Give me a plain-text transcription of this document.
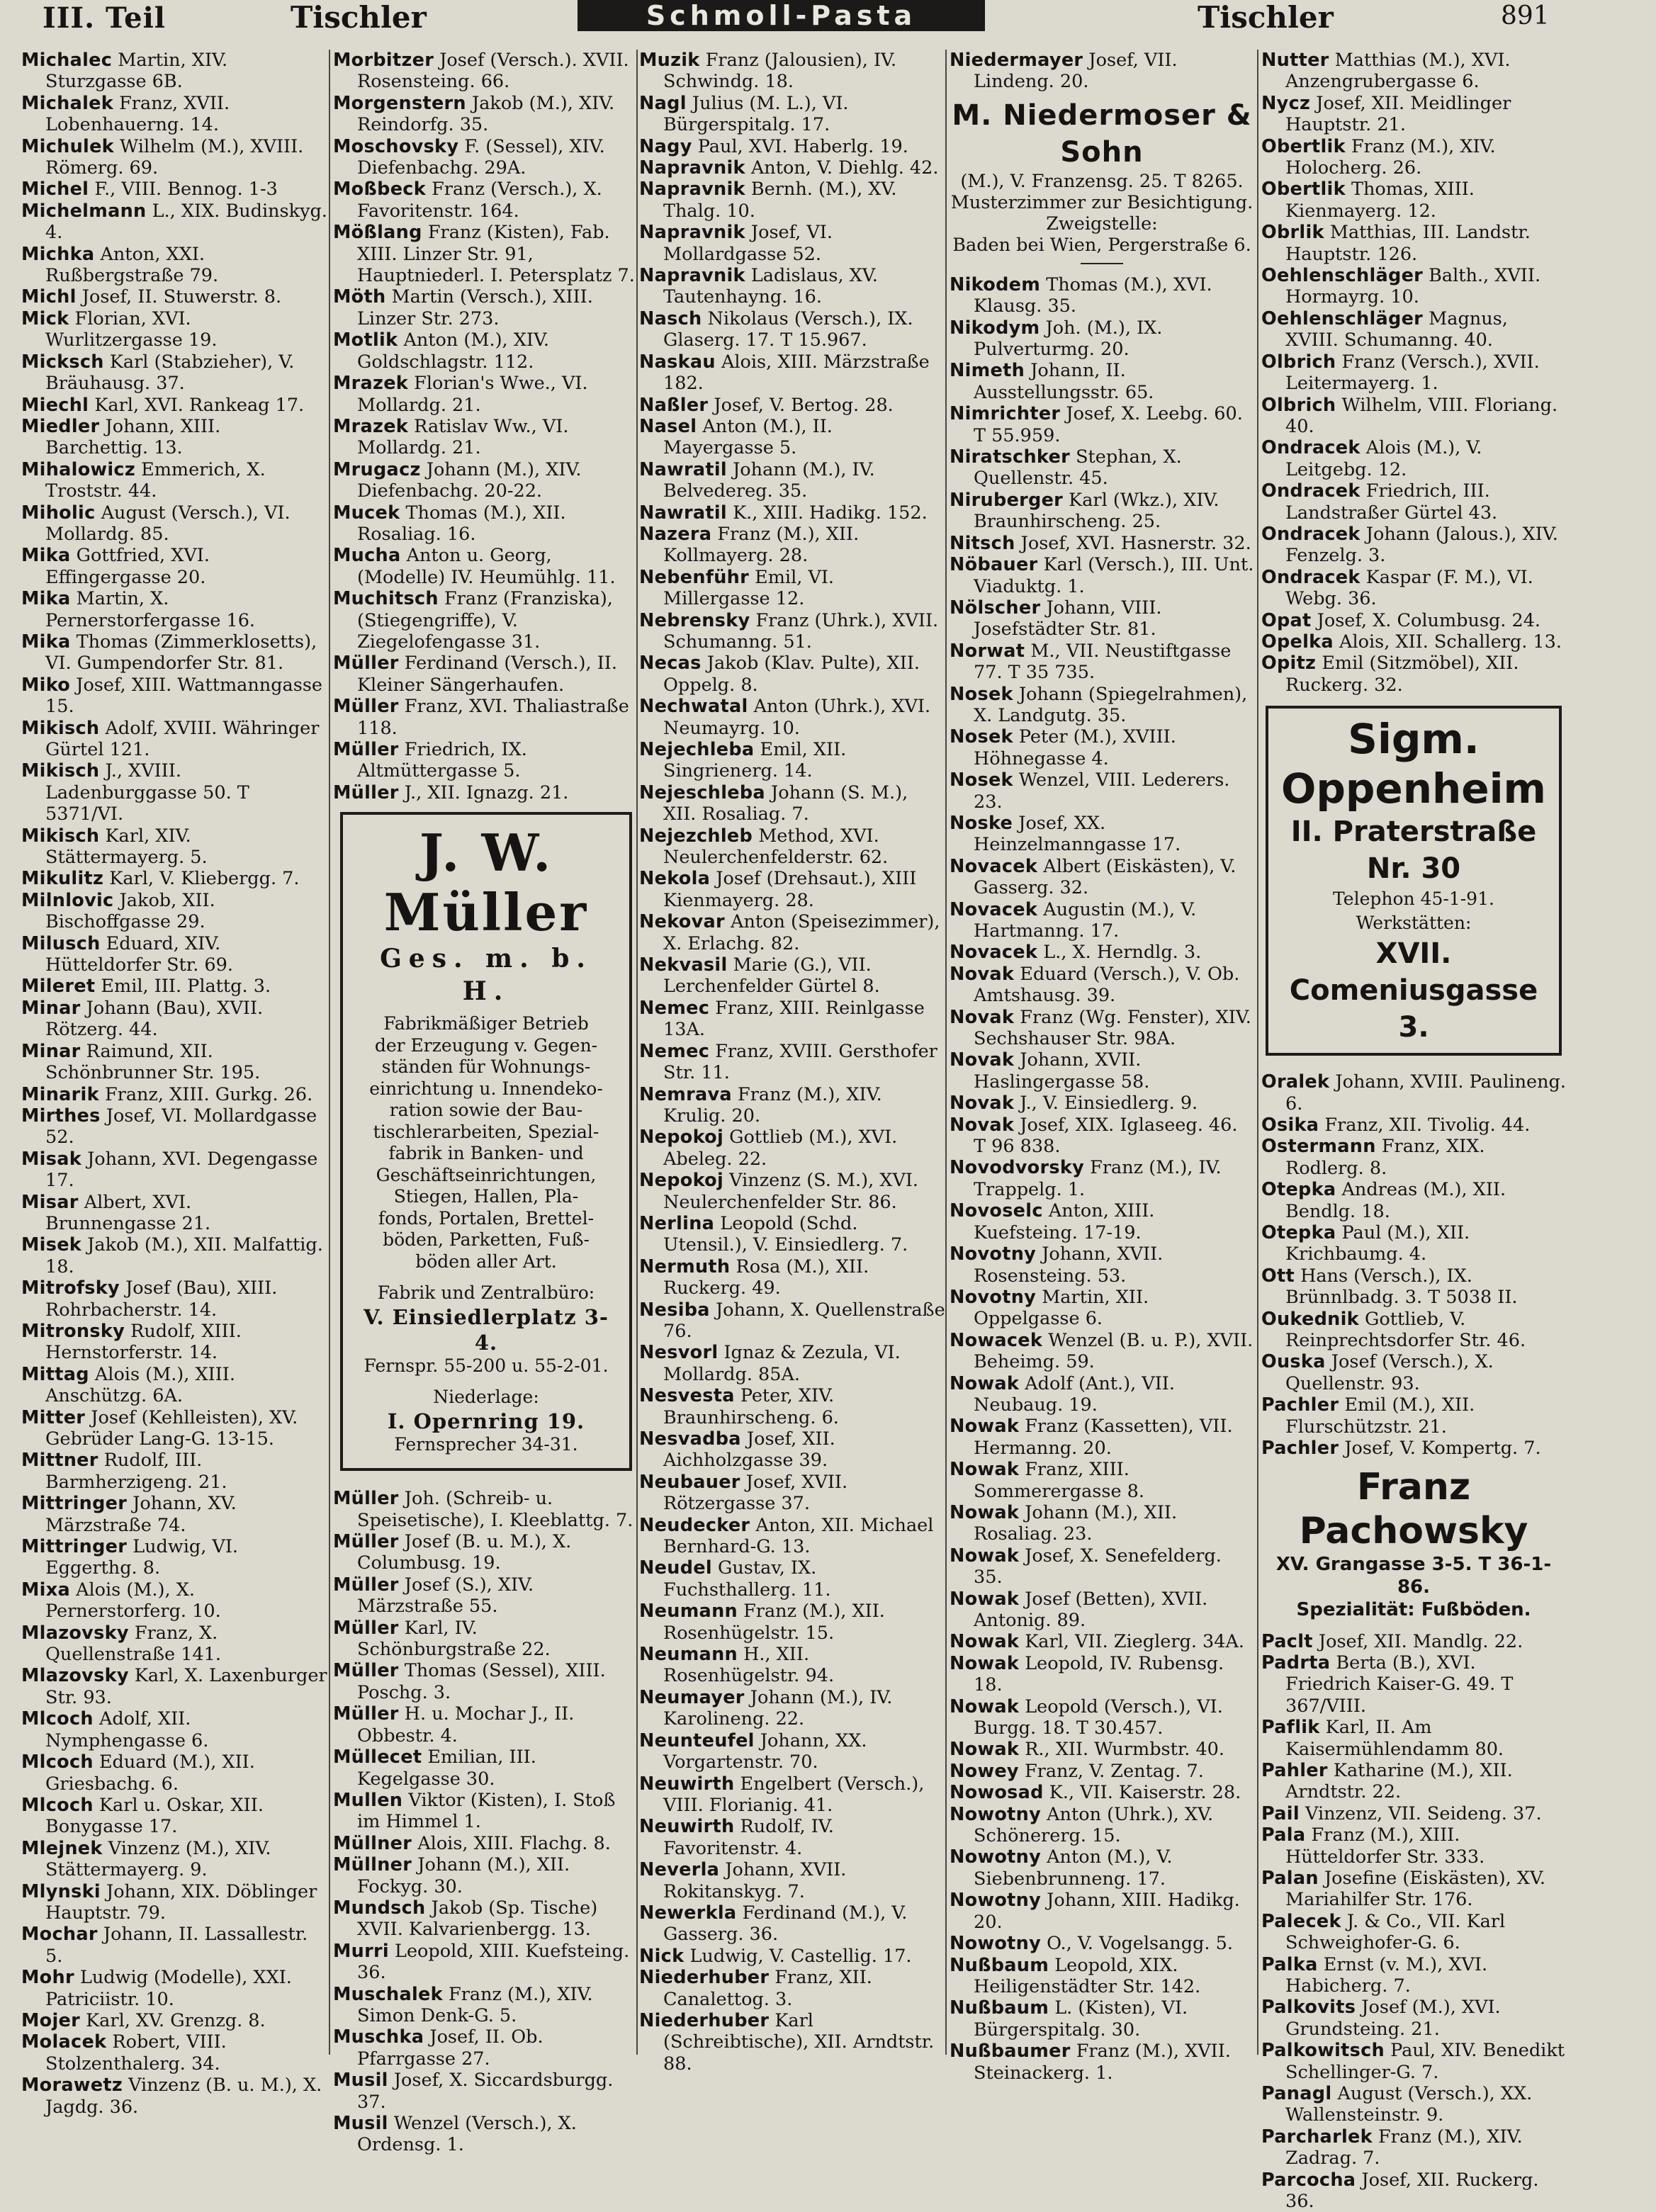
III. Teil	Tischler	Schmoll-Pasta	Tischler	891
Michalec Martin, XIV. Sturzgasse 6B.
Michalek Franz, XVII. Lobenhauerng. 14.
Michulek Wilhelm (M.), XVIII. Römerg. 69.
Michel F., VIII. Bennog. 1-3
Michelmann L., XIX. Budinskyg. 4.
Michka Anton, XXI. Rußbergstraße 79.
Michl Josef, II. Stuwerstr. 8.
Mick Florian, XVI. Wurlitzergasse 19.
Micksch Karl (Stabzieher), V. Bräuhausg. 37.
Miechl Karl, XVI. Rankeag 17.
Miedler Johann, XIII. Barchettig. 13.
Mihalowicz Emmerich, X. Troststr. 44.
Miholic August (Versch.), VI. Mollardg. 85.
Mika Gottfried, XVI. Effingergasse 20.
Mika Martin, X. Pernerstorfergasse 16.
Mika Thomas (Zimmerklosetts), VI. Gumpendorfer Str. 81.
Miko Josef, XIII. Wattmanngasse 15.
Mikisch Adolf, XVIII. Währinger Gürtel 121.
Mikisch J., XVIII. Ladenburggasse 50. T 5371/VI.
Mikisch Karl, XIV. Stättermayerg. 5.
Mikulitz Karl, V. Kliebergg. 7.
Milnlovic Jakob, XII. Bischoffgasse 29.
Milusch Eduard, XIV. Hütteldorfer Str. 69.
Mileret Emil, III. Plattg. 3.
Minar Johann (Bau), XVII. Rötzerg. 44.
Minar Raimund, XII. Schönbrunner Str. 195.
Minarik Franz, XIII. Gurkg. 26.
Mirthes Josef, VI. Mollardgasse 52.
Misak Johann, XVI. Degengasse 17.
Misar Albert, XVI. Brunnengasse 21.
Misek Jakob (M.), XII. Malfattig. 18.
Mitrofsky Josef (Bau), XIII. Rohrbacherstr. 14.
Mitronsky Rudolf, XIII. Hernstorferstr. 14.
Mittag Alois (M.), XIII. Anschützg. 6A.
Mitter Josef (Kehlleisten), XV. Gebrüder Lang-G. 13-15.
Mittner Rudolf, III. Barmherzigeng. 21.
Mittringer Johann, XV. Märzstraße 74.
Mittringer Ludwig, VI. Eggerthg. 8.
Mixa Alois (M.), X. Pernerstorferg. 10.
Mlazovsky Franz, X. Quellenstraße 141.
Mlazovsky Karl, X. Laxenburger Str. 93.
Mlcoch Adolf, XII. Nymphengasse 6.
Mlcoch Eduard (M.), XII. Griesbachg. 6.
Mlcoch Karl u. Oskar, XII. Bonygasse 17.
Mlejnek Vinzenz (M.), XIV. Stättermayerg. 9.
Mlynski Johann, XIX. Döblinger Hauptstr. 79.
Mochar Johann, II. Lassallestr. 5.
Mohr Ludwig (Modelle), XXI. Patriciistr. 10.
Mojer Karl, XV. Grenzg. 8.
Molacek Robert, VIII. Stolzenthalerg. 34.
Morawetz Vinzenz (B. u. M.), X. Jagdg. 36.
Morbitzer Josef (Versch.). XVII. Rosensteing. 66.
Morgenstern Jakob (M.), XIV. Reindorfg. 35.
Moschovsky F. (Sessel), XIV. Diefenbachg. 29A.
Moßbeck Franz (Versch.), X. Favoritenstr. 164.
Mößlang Franz (Kisten), Fab. XIII. Linzer Str. 91, Hauptniederl. I. Petersplatz 7.
Möth Martin (Versch.), XIII. Linzer Str. 273.
Motlik Anton (M.), XIV. Goldschlagstr. 112.
Mrazek Florian's Wwe., VI. Mollardg. 21.
Mrazek Ratislav Ww., VI. Mollardg. 21.
Mrugacz Johann (M.), XIV. Diefenbachg. 20-22.
Mucek Thomas (M.), XII. Rosaliag. 16.
Mucha Anton u. Georg, (Modelle) IV. Heumühlg. 11.
Muchitsch Franz (Franziska), (Stiegengriffe), V. Ziegelofengasse 31.
Müller Ferdinand (Versch.), II. Kleiner Sängerhaufen.
Müller Franz, XVI. Thaliastraße 118.
Müller Friedrich, IX. Altmüttergasse 5.
Müller J., XII. Ignazg. 21.
J. W. Müller
Ges. m. b. H.
Fabrikmäßiger Betrieb
der Erzeugung v. Gegen-
ständen für Wohnungs-
einrichtung u. Innendeko-
ration sowie der Bau-
tischlerarbeiten, Spezial-
fabrik in Banken- und
Geschäftseinrichtungen,
Stiegen, Hallen, Pla-
fonds, Portalen, Brettel-
böden, Parketten, Fuß-
böden aller Art.
Fabrik und Zentralbüro:
V. Einsiedlerplatz 3-4.
Fernspr. 55-200 u. 55-2-01.
Niederlage:
I. Opernring 19.
Fernsprecher 34-31.
Müller Joh. (Schreib- u. Speisetische), I. Kleeblattg. 7.
Müller Josef (B. u. M.), X. Columbusg. 19.
Müller Josef (S.), XIV. Märzstraße 55.
Müller Karl, IV. Schönburgstraße 22.
Müller Thomas (Sessel), XIII. Poschg. 3.
Müller H. u. Mochar J., II. Obbestr. 4.
Müllecet Emilian, III. Kegelgasse 30.
Mullen Viktor (Kisten), I. Stoß im Himmel 1.
Müllner Alois, XIII. Flachg. 8.
Müllner Johann (M.), XII. Fockyg. 30.
Mundsch Jakob (Sp. Tische) XVII. Kalvarienbergg. 13.
Murri Leopold, XIII. Kuefsteing. 36.
Muschalek Franz (M.), XIV. Simon Denk-G. 5.
Muschka Josef, II. Ob. Pfarrgasse 27.
Musil Josef, X. Siccardsburgg. 37.
Musil Wenzel (Versch.), X. Ordensg. 1.
Muzik Franz (Jalousien), IV. Schwindg. 18.
Nagl Julius (M. L.), VI. Bürgerspitalg. 17.
Nagy Paul, XVI. Haberlg. 19.
Napravnik Anton, V. Diehlg. 42.
Napravnik Bernh. (M.), XV. Thalg. 10.
Napravnik Josef, VI. Mollardgasse 52.
Napravnik Ladislaus, XV. Tautenhayng. 16.
Nasch Nikolaus (Versch.), IX. Glaserg. 17. T 15.967.
Naskau Alois, XIII. Märzstraße 182.
Naßler Josef, V. Bertog. 28.
Nasel Anton (M.), II. Mayergasse 5.
Nawratil Johann (M.), IV. Belvedereg. 35.
Nawratil K., XIII. Hadikg. 152.
Nazera Franz (M.), XII. Kollmayerg. 28.
Nebenführ Emil, VI. Millergasse 12.
Nebrensky Franz (Uhrk.), XVII. Schumanng. 51.
Necas Jakob (Klav. Pulte), XII. Oppelg. 8.
Nechwatal Anton (Uhrk.), XVI. Neumayrg. 10.
Nejechleba Emil, XII. Singrienerg. 14.
Nejeschleba Johann (S. M.), XII. Rosaliag. 7.
Nejezchleb Method, XVI. Neulerchenfelderstr. 62.
Nekola Josef (Drehsaut.), XIII Kienmayerg. 28.
Nekovar Anton (Speisezimmer), X. Erlachg. 82.
Nekvasil Marie (G.), VII. Lerchenfelder Gürtel 8.
Nemec Franz, XIII. Reinlgasse 13A.
Nemec Franz, XVIII. Gersthofer Str. 11.
Nemrava Franz (M.), XIV. Krulig. 20.
Nepokoj Gottlieb (M.), XVI. Abeleg. 22.
Nepokoj Vinzenz (S. M.), XVI. Neulerchenfelder Str. 86.
Nerlina Leopold (Schd. Utensil.), V. Einsiedlerg. 7.
Nermuth Rosa (M.), XII. Ruckerg. 49.
Nesiba Johann, X. Quellenstraße 76.
Nesvorl Ignaz & Zezula, VI. Mollardg. 85A.
Nesvesta Peter, XIV. Braunhirscheng. 6.
Nesvadba Josef, XII. Aichholzgasse 39.
Neubauer Josef, XVII. Rötzergasse 37.
Neudecker Anton, XII. Michael Bernhard-G. 13.
Neudel Gustav, IX. Fuchsthallerg. 11.
Neumann Franz (M.), XII. Rosenhügelstr. 15.
Neumann H., XII. Rosenhügelstr. 94.
Neumayer Johann (M.), IV. Karolineng. 22.
Neunteufel Johann, XX. Vorgartenstr. 70.
Neuwirth Engelbert (Versch.), VIII. Florianig. 41.
Neuwirth Rudolf, IV. Favoritenstr. 4.
Neverla Johann, XVII. Rokitanskyg. 7.
Newerkla Ferdinand (M.), V. Gasserg. 36.
Nick Ludwig, V. Castellig. 17.
Niederhuber Franz, XII. Canalettog. 3.
Niederhuber Karl (Schreibtische), XII. Arndtstr. 88.
Niedermayer Josef, VII. Lindeng. 20.
M. Niedermoser & Sohn
(M.), V. Franzensg. 25. T 8265.
Musterzimmer zur Besichtigung.
Zweigstelle:
Baden bei Wien, Pergerstraße 6.
Nikodem Thomas (M.), XVI. Klausg. 35.
Nikodym Joh. (M.), IX. Pulverturmg. 20.
Nimeth Johann, II. Ausstellungsstr. 65.
Nimrichter Josef, X. Leebg. 60. T 55.959.
Niratschker Stephan, X. Quellenstr. 45.
Niruberger Karl (Wkz.), XIV. Braunhirscheng. 25.
Nitsch Josef, XVI. Hasnerstr. 32.
Nöbauer Karl (Versch.), III. Unt. Viaduktg. 1.
Nölscher Johann, VIII. Josefstädter Str. 81.
Norwat M., VII. Neustiftgasse 77. T 35 735.
Nosek Johann (Spiegelrahmen), X. Landgutg. 35.
Nosek Peter (M.), XVIII. Höhnegasse 4.
Nosek Wenzel, VIII. Lederers. 23.
Noske Josef, XX. Heinzelmanngasse 17.
Novacek Albert (Eiskästen), V. Gasserg. 32.
Novacek Augustin (M.), V. Hartmanng. 17.
Novacek L., X. Herndlg. 3.
Novak Eduard (Versch.), V. Ob. Amtshausg. 39.
Novak Franz (Wg. Fenster), XIV. Sechshauser Str. 98A.
Novak Johann, XVII. Haslingergasse 58.
Novak J., V. Einsiedlerg. 9.
Novak Josef, XIX. Iglaseeg. 46. T 96 838.
Novodvorsky Franz (M.), IV. Trappelg. 1.
Novoselc Anton, XIII. Kuefsteing. 17-19.
Novotny Johann, XVII. Rosensteing. 53.
Novotny Martin, XII. Oppelgasse 6.
Nowacek Wenzel (B. u. P.), XVII. Beheimg. 59.
Nowak Adolf (Ant.), VII. Neubaug. 19.
Nowak Franz (Kassetten), VII. Hermanng. 20.
Nowak Franz, XIII. Sommerergasse 8.
Nowak Johann (M.), XII. Rosaliag. 23.
Nowak Josef, X. Senefelderg. 35.
Nowak Josef (Betten), XVII. Antonig. 89.
Nowak Karl, VII. Zieglerg. 34A.
Nowak Leopold, IV. Rubensg. 18.
Nowak Leopold (Versch.), VI. Burgg. 18. T 30.457.
Nowak R., XII. Wurmbstr. 40.
Nowey Franz, V. Zentag. 7.
Nowosad K., VII. Kaiserstr. 28.
Nowotny Anton (Uhrk.), XV. Schönererg. 15.
Nowotny Anton (M.), V. Siebenbrunneng. 17.
Nowotny Johann, XIII. Hadikg. 20.
Nowotny O., V. Vogelsangg. 5.
Nußbaum Leopold, XIX. Heiligenstädter Str. 142.
Nußbaum L. (Kisten), VI. Bürgerspitalg. 30.
Nußbaumer Franz (M.), XVII. Steinackerg. 1.
Nutter Matthias (M.), XVI. Anzengrubergasse 6.
Nycz Josef, XII. Meidlinger Hauptstr. 21.
Obertlik Franz (M.), XIV. Holocherg. 26.
Obertlik Thomas, XIII. Kienmayerg. 12.
Obrlik Matthias, III. Landstr. Hauptstr. 126.
Oehlenschläger Balth., XVII. Hormayrg. 10.
Oehlenschläger Magnus, XVIII. Schumanng. 40.
Olbrich Franz (Versch.), XVII. Leitermayerg. 1.
Olbrich Wilhelm, VIII. Floriang. 40.
Ondracek Alois (M.), V. Leitgebg. 12.
Ondracek Friedrich, III. Landstraßer Gürtel 43.
Ondracek Johann (Jalous.), XIV. Fenzelg. 3.
Ondracek Kaspar (F. M.), VI. Webg. 36.
Opat Josef, X. Columbusg. 24.
Opelka Alois, XII. Schallerg. 13.
Opitz Emil (Sitzmöbel), XII. Ruckerg. 32.
Sigm. Oppenheim
II. Praterstraße Nr. 30
Telephon 45-1-91.
Werkstätten:
XVII. Comeniusgasse 3.
Oralek Johann, XVIII. Paulineng. 6.
Osika Franz, XII. Tivolig. 44.
Ostermann Franz, XIX. Rodlerg. 8.
Otepka Andreas (M.), XII. Bendlg. 18.
Otepka Paul (M.), XII. Krichbaumg. 4.
Ott Hans (Versch.), IX. Brünnlbadg. 3. T 5038 II.
Oukednik Gottlieb, V. Reinprechtsdorfer Str. 46.
Ouska Josef (Versch.), X. Quellenstr. 93.
Pachler Emil (M.), XII. Flurschützstr. 21.
Pachler Josef, V. Kompertg. 7.
Franz Pachowsky
XV. Grangasse 3-5. T 36-1-86.
Spezialität: Fußböden.
Paclt Josef, XII. Mandlg. 22.
Padrta Berta (B.), XVI. Friedrich Kaiser-G. 49. T 367/VIII.
Paflik Karl, II. Am Kaisermühlendamm 80.
Pahler Katharine (M.), XII. Arndtstr. 22.
Pail Vinzenz, VII. Seideng. 37.
Pala Franz (M.), XIII. Hütteldorfer Str. 333.
Palan Josefine (Eiskästen), XV. Mariahilfer Str. 176.
Palecek J. & Co., VII. Karl Schweighofer-G. 6.
Palka Ernst (v. M.), XVI. Habicherg. 7.
Palkovits Josef (M.), XVI. Grundsteing. 21.
Palkowitsch Paul, XIV. Benedikt Schellinger-G. 7.
Panagl August (Versch.), XX. Wallensteinstr. 9.
Parcharlek Franz (M.), XIV. Zadrag. 7.
Parcocha Josef, XII. Ruckerg. 36.
